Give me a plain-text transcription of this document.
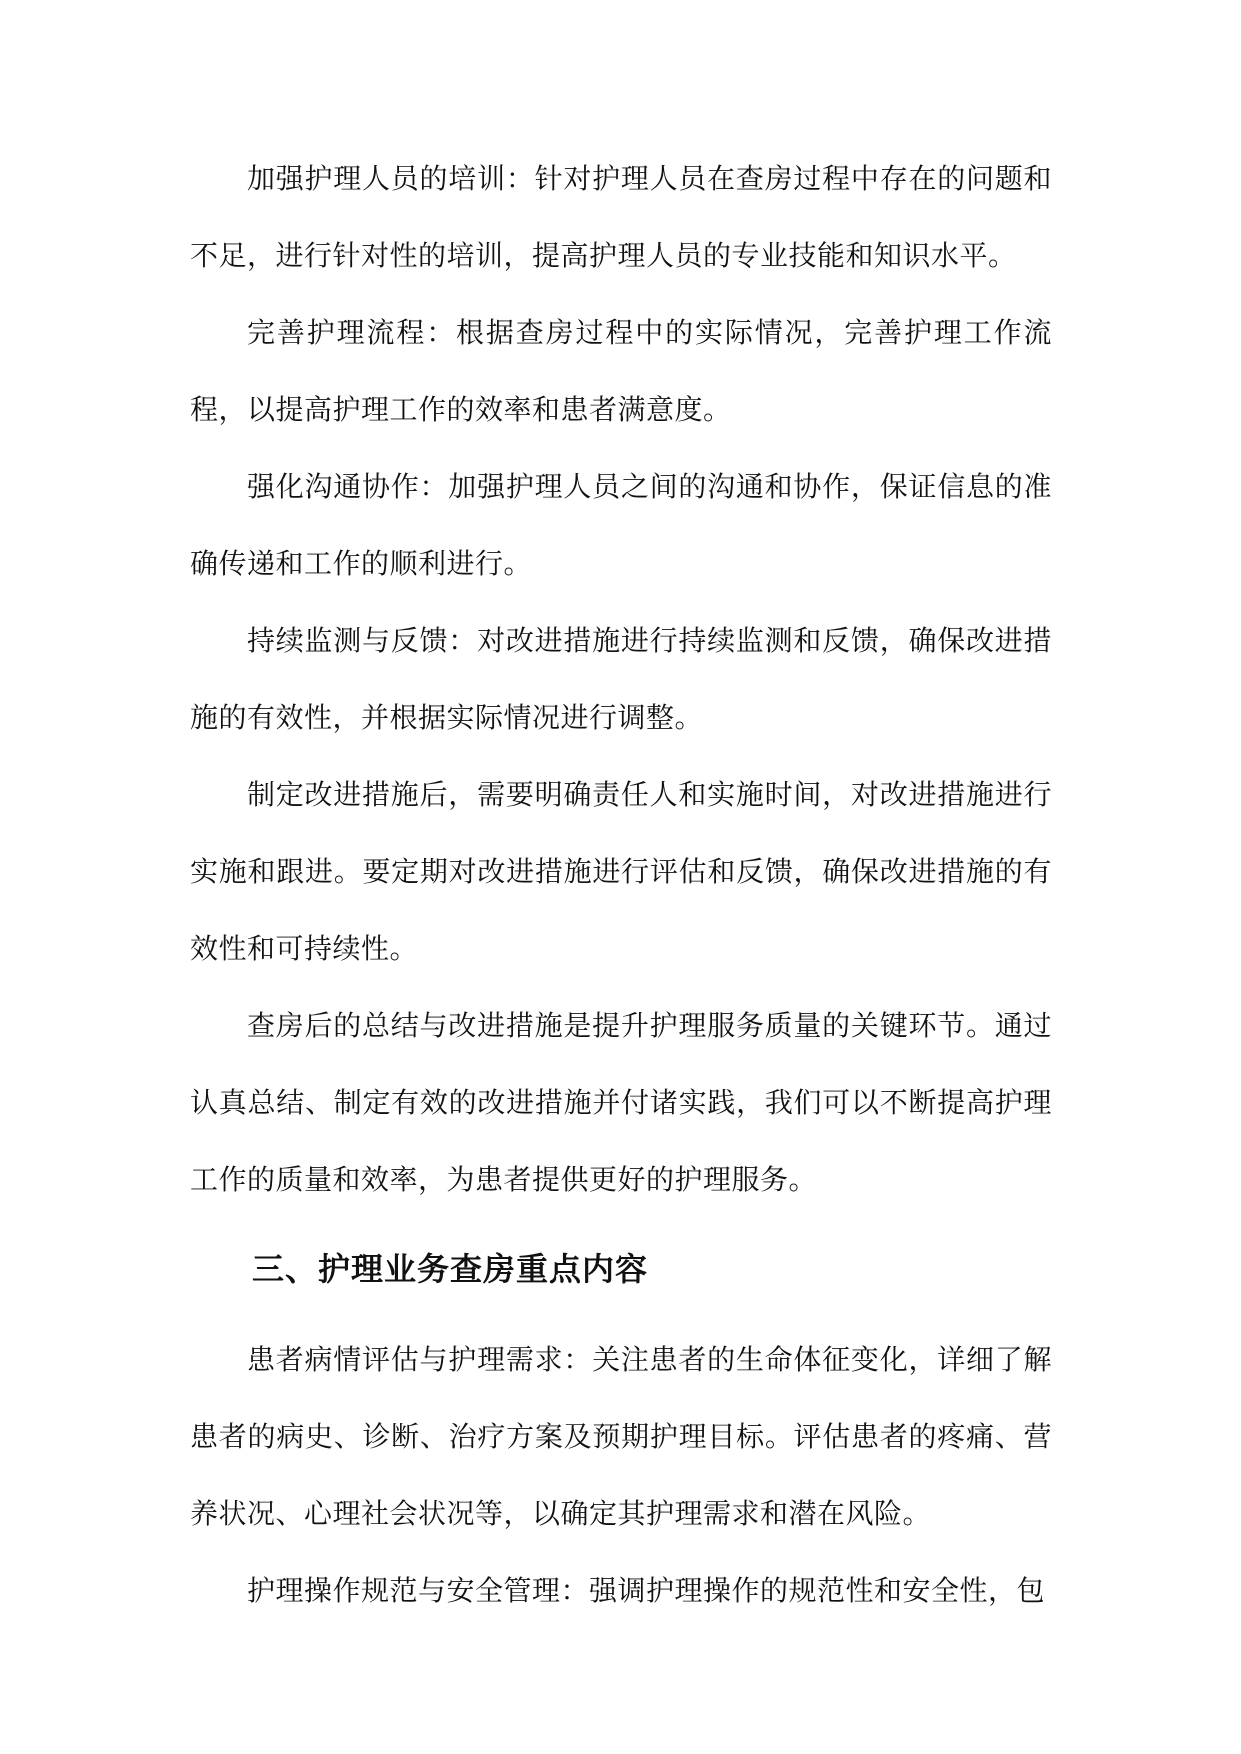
加强护理人员的培训：针对护理人员在查房过程中存在的问题和不足，进行针对性的培训，提高护理人员的专业技能和知识水平。

完善护理流程：根据查房过程中的实际情况，完善护理工作流程，以提高护理工作的效率和患者满意度。

强化沟通协作：加强护理人员之间的沟通和协作，保证信息的准确传递和工作的顺利进行。

持续监测与反馈：对改进措施进行持续监测和反馈，确保改进措施的有效性，并根据实际情况进行调整。

制定改进措施后，需要明确责任人和实施时间，对改进措施进行实施和跟进。要定期对改进措施进行评估和反馈，确保改进措施的有效性和可持续性。

查房后的总结与改进措施是提升护理服务质量的关键环节。通过认真总结、制定有效的改进措施并付诸实践，我们可以不断提高护理工作的质量和效率，为患者提供更好的护理服务。

三、护理业务查房重点内容

患者病情评估与护理需求：关注患者的生命体征变化，详细了解患者的病史、诊断、治疗方案及预期护理目标。评估患者的疼痛、营养状况、心理社会状况等，以确定其护理需求和潜在风险。

护理操作规范与安全管理：强调护理操作的规范性和安全性，包
